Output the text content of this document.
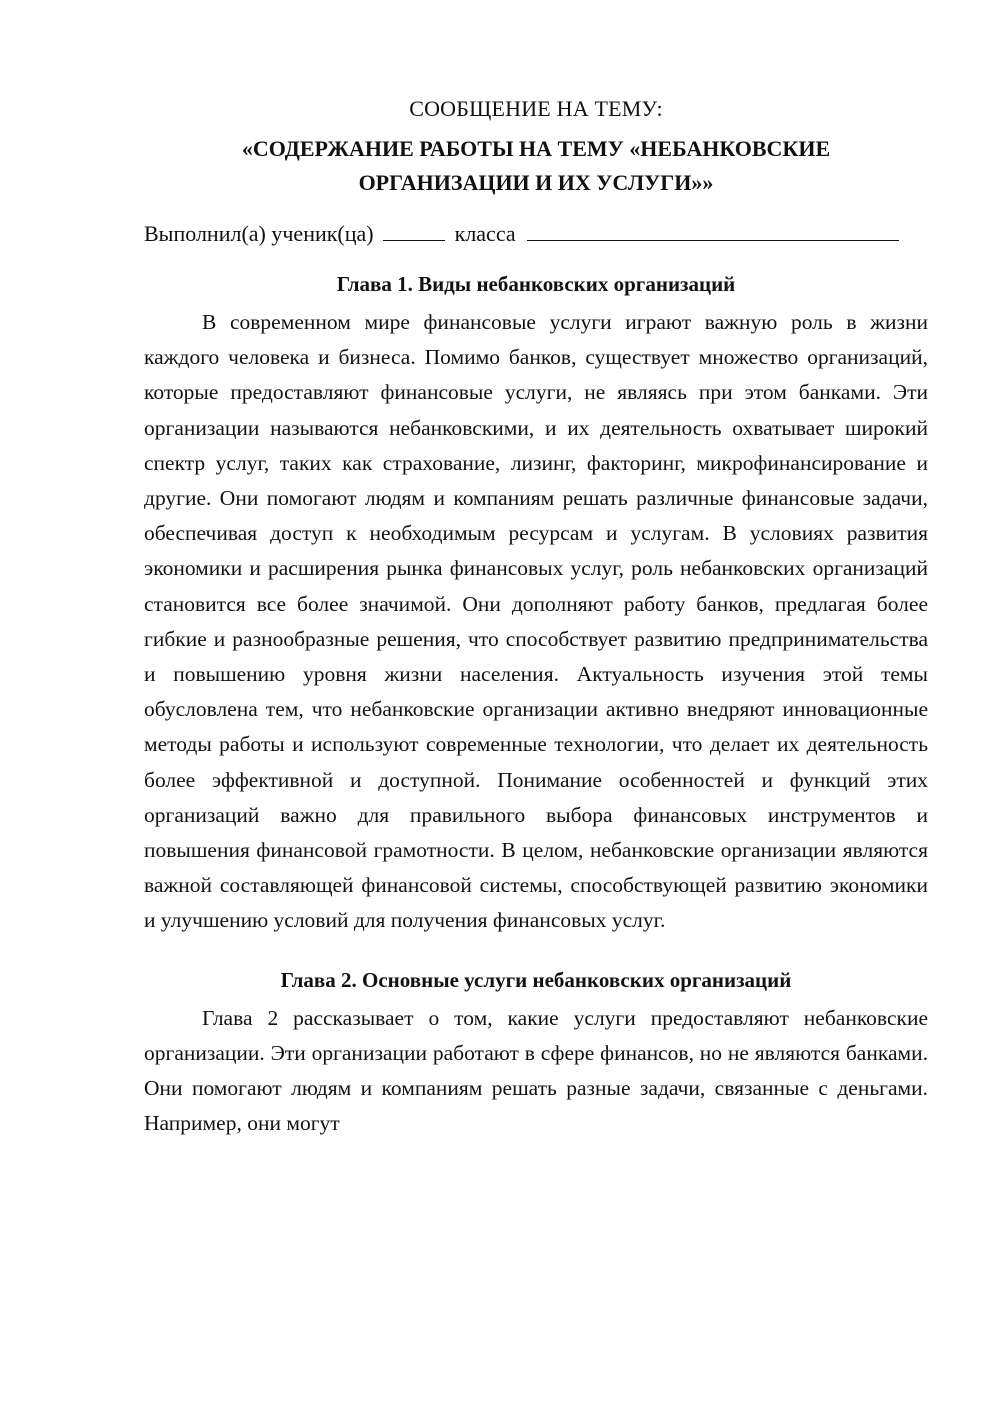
СООБЩЕНИЕ НА ТЕМУ:

«СОДЕРЖАНИЕ РАБОТЫ НА ТЕМУ «НЕБАНКОВСКИЕ ОРГАНИЗАЦИИ И ИХ УСЛУГИ»»

Выполнил(а) ученик(ца)	класса

Глава 1. Виды небанковских организаций

В современном мире финансовые услуги играют важную роль в жизни каждого человека и бизнеса. Помимо банков, существует множество организаций, которые предоставляют финансовые услуги, не являясь при этом банками. Эти организации называются небанковскими, и их деятельность охватывает широкий спектр услуг, таких как страхование, лизинг, факторинг, микрофинансирование и другие. Они помогают людям и компаниям решать различные финансовые задачи, обеспечивая доступ к необходимым ресурсам и услугам. В условиях развития экономики и расширения рынка финансовых услуг, роль небанковских организаций становится все более значимой. Они дополняют работу банков, предлагая более гибкие и разнообразные решения, что способствует развитию предпринимательства и повышению уровня жизни населения. Актуальность изучения этой темы обусловлена тем, что небанковские организации активно внедряют инновационные методы работы и используют современные технологии, что делает их деятельность более эффективной и доступной. Понимание особенностей и функций этих организаций важно для правильного выбора финансовых инструментов и повышения финансовой грамотности. В целом, небанковские организации являются важной составляющей финансовой системы, способствующей развитию экономики и улучшению условий для получения финансовых услуг.

Глава 2. Основные услуги небанковских организаций

Глава 2 рассказывает о том, какие услуги предоставляют небанковские организации. Эти организации работают в сфере финансов, но не являются банками. Они помогают людям и компаниям решать разные задачи, связанные с деньгами. Например, они могут
